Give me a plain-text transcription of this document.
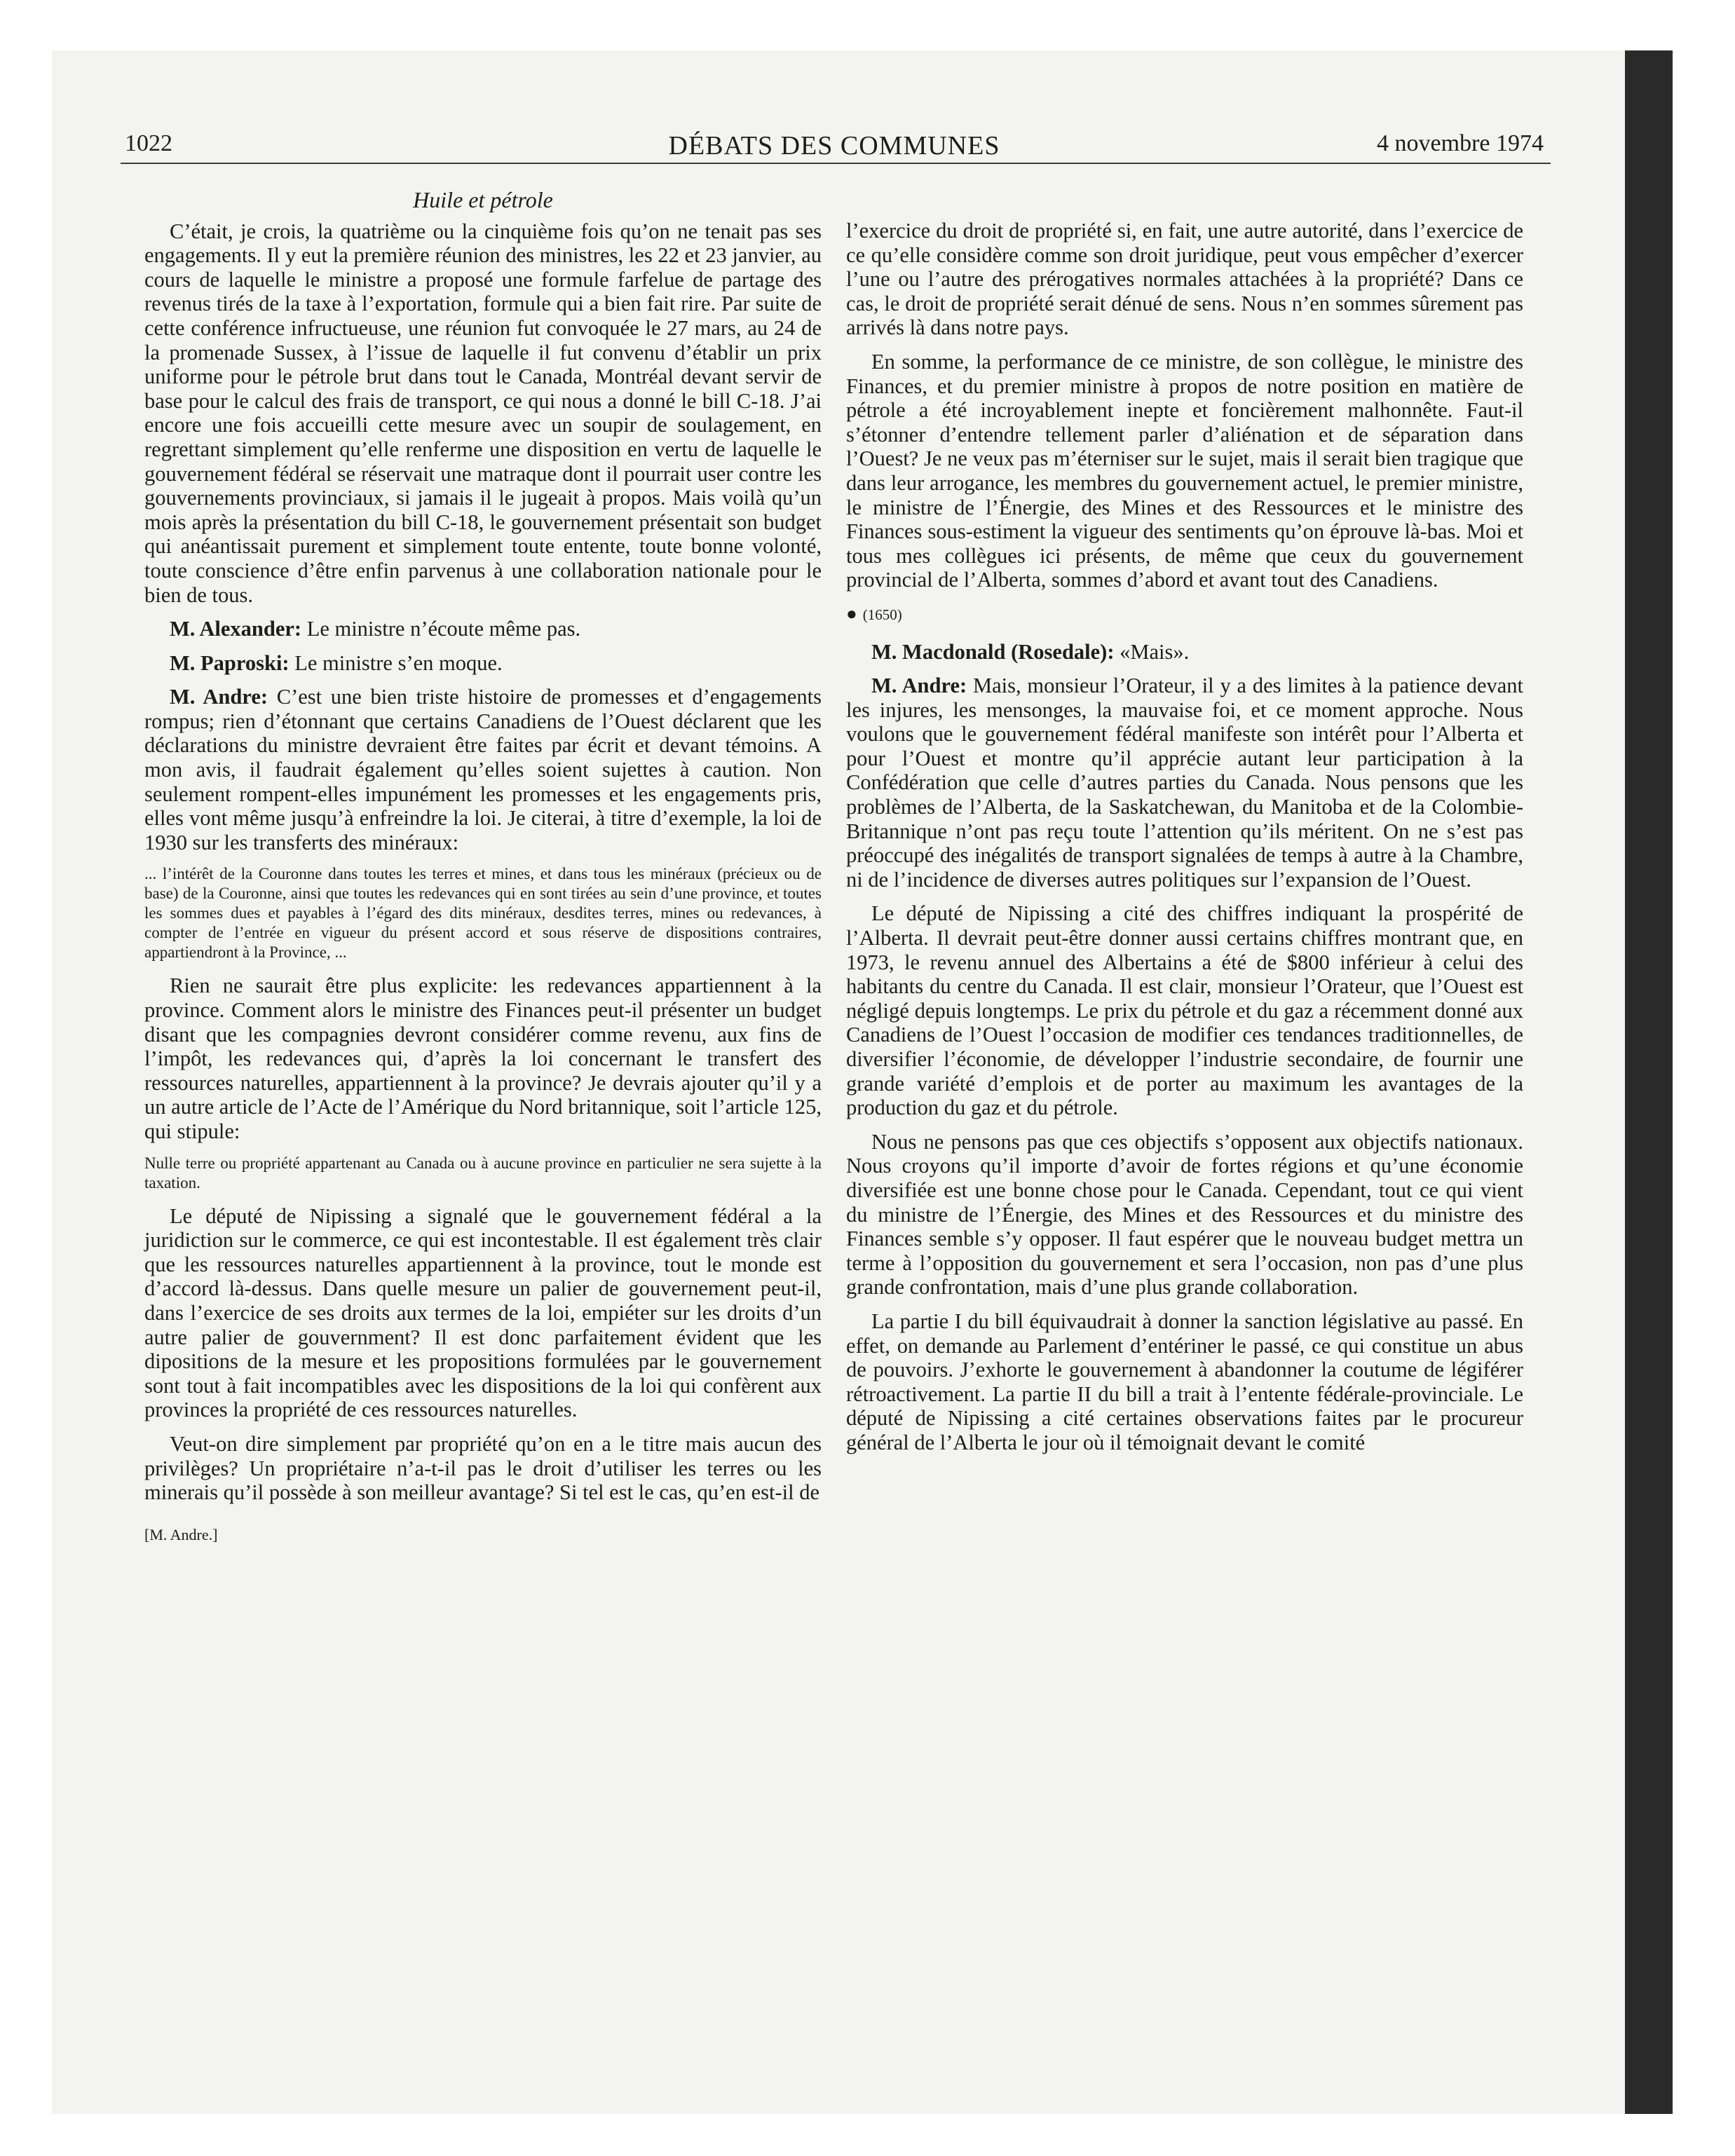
1022	DÉBATS DES COMMUNES	4 novembre 1974
Huile et pétrole

C’était, je crois, la quatrième ou la cinquième fois qu’on ne tenait pas ses engagements. Il y eut la première réunion des ministres, les 22 et 23 janvier, au cours de laquelle le ministre a proposé une formule farfelue de partage des revenus tirés de la taxe à l’exportation, formule qui a bien fait rire. Par suite de cette conférence infructueuse, une réunion fut convoquée le 27 mars, au 24 de la promenade Sussex, à l’issue de laquelle il fut convenu d’établir un prix uniforme pour le pétrole brut dans tout le Canada, Montréal devant servir de base pour le calcul des frais de transport, ce qui nous a donné le bill C-18. J’ai encore une fois accueilli cette mesure avec un soupir de soulagement, en regrettant simplement qu’elle renferme une disposition en vertu de laquelle le gouvernement fédéral se réservait une matraque dont il pourrait user contre les gouvernements provinciaux, si jamais il le jugeait à propos. Mais voilà qu’un mois après la présentation du bill C-18, le gouvernement présentait son budget qui anéantissait purement et simplement toute entente, toute bonne volonté, toute conscience d’être enfin parvenus à une collaboration nationale pour le bien de tous.

M. Alexander: Le ministre n’écoute même pas.

M. Paproski: Le ministre s’en moque.

M. Andre: C’est une bien triste histoire de promesses et d’engagements rompus; rien d’étonnant que certains Canadiens de l’Ouest déclarent que les déclarations du ministre devraient être faites par écrit et devant témoins. A mon avis, il faudrait également qu’elles soient sujettes à caution. Non seulement rompent-elles impunément les promesses et les engagements pris, elles vont même jusqu’à enfreindre la loi. Je citerai, à titre d’exemple, la loi de 1930 sur les transferts des minéraux:

... l’intérêt de la Couronne dans toutes les terres et mines, et dans tous les minéraux (précieux ou de base) de la Couronne, ainsi que toutes les redevances qui en sont tirées au sein d’une province, et toutes les sommes dues et payables à l’égard des dits minéraux, desdites terres, mines ou redevances, à compter de l’entrée en vigueur du présent accord et sous réserve de dispositions contraires, appartiendront à la Province, ...

Rien ne saurait être plus explicite: les redevances appartiennent à la province. Comment alors le ministre des Finances peut-il présenter un budget disant que les compagnies devront considérer comme revenu, aux fins de l’impôt, les redevances qui, d’après la loi concernant le transfert des ressources naturelles, appartiennent à la province? Je devrais ajouter qu’il y a un autre article de l’Acte de l’Amérique du Nord britannique, soit l’article 125, qui stipule:

Nulle terre ou propriété appartenant au Canada ou à aucune province en particulier ne sera sujette à la taxation.

Le député de Nipissing a signalé que le gouvernement fédéral a la juridiction sur le commerce, ce qui est incontestable. Il est également très clair que les ressources naturelles appartiennent à la province, tout le monde est d’accord là-dessus. Dans quelle mesure un palier de gouvernement peut-il, dans l’exercice de ses droits aux termes de la loi, empiéter sur les droits d’un autre palier de gouvernment? Il est donc parfaitement évident que les dipositions de la mesure et les propositions formulées par le gouvernement sont tout à fait incompatibles avec les dispositions de la loi qui confèrent aux provinces la propriété de ces ressources naturelles.

Veut-on dire simplement par propriété qu’on en a le titre mais aucun des privilèges? Un propriétaire n’a-t-il pas le droit d’utiliser les terres ou les minerais qu’il possède à son meilleur avantage? Si tel est le cas, qu’en est-il de

[M. Andre.]

l’exercice du droit de propriété si, en fait, une autre autorité, dans l’exercice de ce qu’elle considère comme son droit juridique, peut vous empêcher d’exercer l’une ou l’autre des prérogatives normales attachées à la propriété? Dans ce cas, le droit de propriété serait dénué de sens. Nous n’en sommes sûrement pas arrivés là dans notre pays.

En somme, la performance de ce ministre, de son collègue, le ministre des Finances, et du premier ministre à propos de notre position en matière de pétrole a été incroyablement inepte et foncièrement malhonnête. Faut-il s’étonner d’entendre tellement parler d’aliénation et de séparation dans l’Ouest? Je ne veux pas m’éterniser sur le sujet, mais il serait bien tragique que dans leur arrogance, les membres du gouvernement actuel, le premier ministre, le ministre de l’Énergie, des Mines et des Ressources et le ministre des Finances sous-estiment la vigueur des sentiments qu’on éprouve là-bas. Moi et tous mes collègues ici présents, de même que ceux du gouvernement provincial de l’Alberta, sommes d’abord et avant tout des Canadiens.

● (1650)

M. Macdonald (Rosedale): «Mais».

M. Andre: Mais, monsieur l’Orateur, il y a des limites à la patience devant les injures, les mensonges, la mauvaise foi, et ce moment approche. Nous voulons que le gouvernement fédéral manifeste son intérêt pour l’Alberta et pour l’Ouest et montre qu’il apprécie autant leur participation à la Confédération que celle d’autres parties du Canada. Nous pensons que les problèmes de l’Alberta, de la Saskatchewan, du Manitoba et de la Colombie-Britannique n’ont pas reçu toute l’attention qu’ils méritent. On ne s’est pas préoccupé des inégalités de transport signalées de temps à autre à la Chambre, ni de l’incidence de diverses autres politiques sur l’expansion de l’Ouest.

Le député de Nipissing a cité des chiffres indiquant la prospérité de l’Alberta. Il devrait peut-être donner aussi certains chiffres montrant que, en 1973, le revenu annuel des Albertains a été de $800 inférieur à celui des habitants du centre du Canada. Il est clair, monsieur l’Orateur, que l’Ouest est négligé depuis longtemps. Le prix du pétrole et du gaz a récemment donné aux Canadiens de l’Ouest l’occasion de modifier ces tendances traditionnelles, de diversifier l’économie, de développer l’industrie secondaire, de fournir une grande variété d’emplois et de porter au maximum les avantages de la production du gaz et du pétrole.

Nous ne pensons pas que ces objectifs s’opposent aux objectifs nationaux. Nous croyons qu’il importe d’avoir de fortes régions et qu’une économie diversifiée est une bonne chose pour le Canada. Cependant, tout ce qui vient du ministre de l’Énergie, des Mines et des Ressources et du ministre des Finances semble s’y opposer. Il faut espérer que le nouveau budget mettra un terme à l’opposition du gouvernement et sera l’occasion, non pas d’une plus grande confrontation, mais d’une plus grande collaboration.

La partie I du bill équivaudrait à donner la sanction législative au passé. En effet, on demande au Parlement d’entériner le passé, ce qui constitue un abus de pouvoirs. J’exhorte le gouvernement à abandonner la coutume de légiférer rétroactivement. La partie II du bill a trait à l’entente fédérale-provinciale. Le député de Nipissing a cité certaines observations faites par le procureur général de l’Alberta le jour où il témoignait devant le comité
